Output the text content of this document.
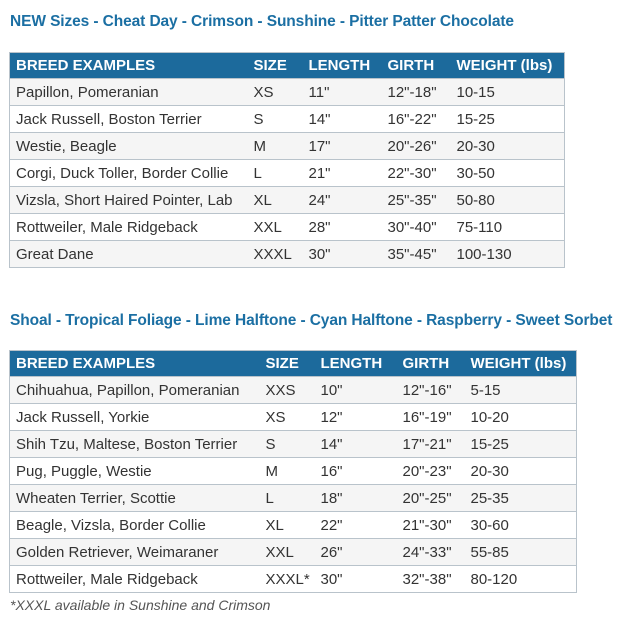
NEW Sizes - Cheat Day - Crimson - Sunshine - Pitter Patter Chocolate
BREED EXAMPLES	SIZE	LENGTH	GIRTH	WEIGHT (lbs)
Papillon, Pomeranian	XS	11"	12"-18"	10-15
Jack Russell, Boston Terrier	S	14"	16"-22"	15-25
Westie, Beagle	M	17"	20"-26"	20-30
Corgi, Duck Toller, Border Collie	L	21"	22"-30"	30-50
Vizsla, Short Haired Pointer, Lab	XL	24"	25"-35"	50-80
Rottweiler, Male Ridgeback	XXL	28"	30"-40"	75-110
Great Dane	XXXL	30"	35"-45"	100-130
Shoal - Tropical Foliage - Lime Halftone - Cyan Halftone - Raspberry - Sweet Sorbet
BREED EXAMPLES	SIZE	LENGTH	GIRTH	WEIGHT (lbs)
Chihuahua, Papillon, Pomeranian	XXS	10"	12"-16"	5-15
Jack Russell, Yorkie	XS	12"	16"-19"	10-20
Shih Tzu, Maltese, Boston Terrier	S	14"	17"-21"	15-25
Pug, Puggle, Westie	M	16"	20"-23"	20-30
Wheaten Terrier, Scottie	L	18"	20"-25"	25-35
Beagle, Vizsla, Border Collie	XL	22"	21"-30"	30-60
Golden Retriever, Weimaraner	XXL	26"	24"-33"	55-85
Rottweiler, Male Ridgeback	XXXL*	30"	32"-38"	80-120
*XXXL available in Sunshine and Crimson
